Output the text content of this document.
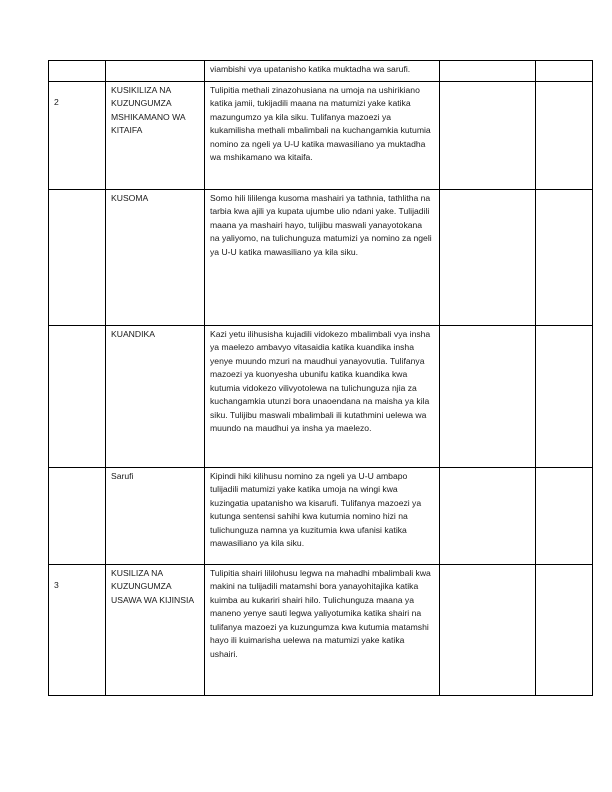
		viambishi vya upatanisho katika muktadha wa sarufi.		
2	KUSIKILIZA NA KUZUNGUMZA MSHIKAMANO WA KITAIFA	Tulipitia methali zinazohusiana na umoja na ushirikiano katika jamii, tukijadili maana na matumizi yake katika mazungumzo ya kila siku. Tulifanya mazoezi ya kukamilisha methali mbalimbali na kuchangamkia kutumia nomino za ngeli ya U-U katika mawasiliano ya muktadha wa mshikamano wa kitaifa.		
	KUSOMA	Somo hili lililenga kusoma mashairi ya tathnia, tathlitha na tarbia kwa ajili ya kupata ujumbe ulio ndani yake. Tulijadili maana ya mashairi hayo, tulijibu maswali yanayotokana na yaliyomo, na tulichunguza matumizi ya nomino za ngeli ya U-U katika mawasiliano ya kila siku.		
	KUANDIKA	Kazi yetu ilihusisha kujadili vidokezo mbalimbali vya insha ya maelezo ambavyo vitasaidia katika kuandika insha yenye muundo mzuri na maudhui yanayovutia. Tulifanya mazoezi ya kuonyesha ubunifu katika kuandika kwa kutumia vidokezo vilivyotolewa na tulichunguza njia za kuchangamkia utunzi bora unaoendana na maisha ya kila siku. Tulijibu maswali mbalimbali ili kutathmini uelewa wa muundo na maudhui ya insha ya maelezo.		
	Sarufi	Kipindi hiki kilihusu nomino za ngeli ya U-U ambapo tulijadili matumizi yake katika umoja na wingi kwa kuzingatia upatanisho wa kisarufi. Tulifanya mazoezi ya kutunga sentensi sahihi kwa kutumia nomino hizi na tulichunguza namna ya kuzitumia kwa ufanisi katika mawasiliano ya kila siku.		
3	KUSILIZA NA KUZUNGUMZA USAWA WA KIJINSIA	Tulipitia shairi lililohusu legwa na mahadhi mbalimbali kwa makini na tulijadili matamshi bora yanayohitajika katika kuimba au kukariri shairi hilo. Tulichunguza maana ya maneno yenye sauti legwa yaliyotumika katika shairi na tulifanya mazoezi ya kuzungumza kwa kutumia matamshi hayo ili kuimarisha uelewa na matumizi yake katika ushairi.		
